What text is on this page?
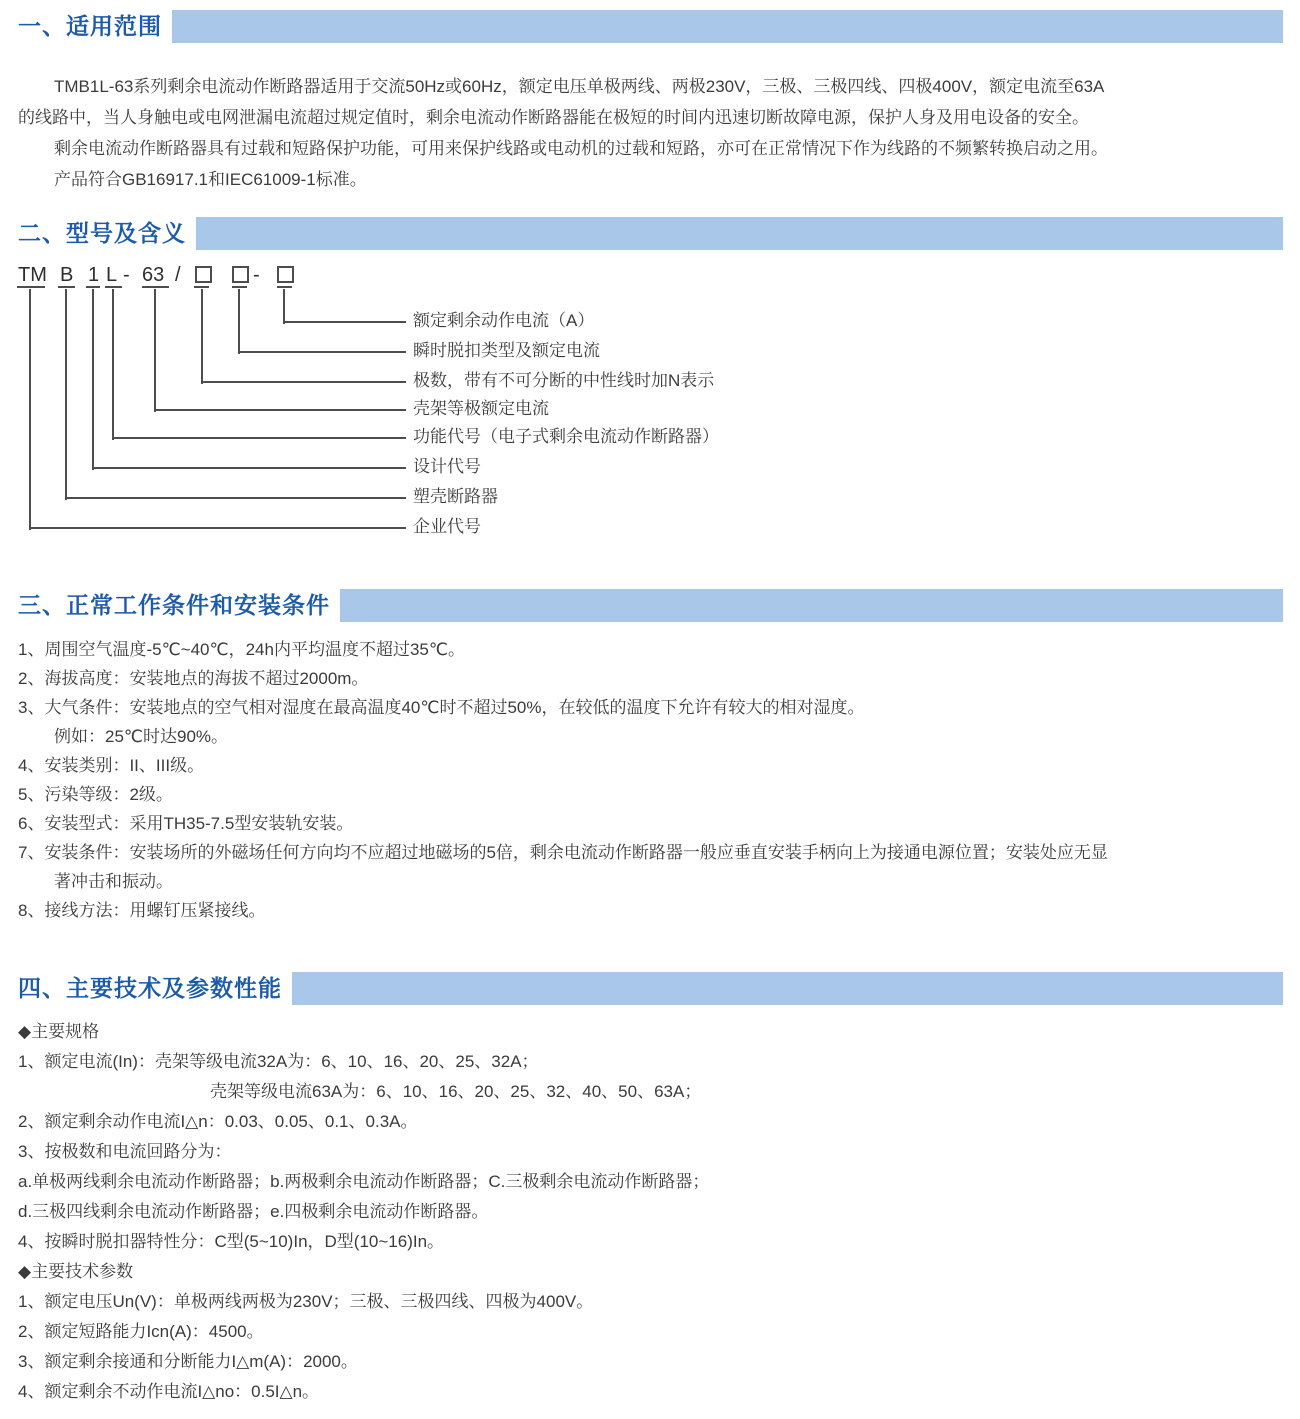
一、适用范围
TMB1L-63系列剩余电流动作断路器适用于交流50Hz或60Hz，额定电压单极两线、两极230V，三极、三极四线、四极400V，额定电流至63A
的线路中，当人身触电或电网泄漏电流超过规定值时，剩余电流动作断路器能在极短的时间内迅速切断故障电源，保护人身及用电设备的安全。
剩余电流动作断路器具有过载和短路保护功能，可用来保护线路或电动机的过载和短路，亦可在正常情况下作为线路的不频繁转换启动之用。
产品符合GB16917.1和IEC61009-1标准。
二、型号及含义
TM B 1 L - 63 /	-
额定剩余动作电流（A）
瞬时脱扣类型及额定电流
极数，带有不可分断的中性线时加N表示
壳架等极额定电流
功能代号（电子式剩余电流动作断路器）
设计代号
塑壳断路器
企业代号
三、正常工作条件和安装条件
1、周围空气温度-5℃~40℃，24h内平均温度不超过35℃。
2、海拔高度：安装地点的海拔不超过2000m。
3、大气条件：安装地点的空气相对湿度在最高温度40℃时不超过50%，在较低的温度下允许有较大的相对湿度。
例如：25℃时达90%。
4、安装类别：II、III级。
5、污染等级：2级。
6、安装型式：采用TH35-7.5型安装轨安装。
7、安装条件：安装场所的外磁场任何方向均不应超过地磁场的5倍，剩余电流动作断路器一般应垂直安装手柄向上为接通电源位置；安装处应无显
著冲击和振动。
8、接线方法：用螺钉压紧接线。
四、主要技术及参数性能
◆主要规格
1、额定电流(In)：壳架等级电流32A为：6、10、16、20、25、32A；
壳架等级电流63A为：6、10、16、20、25、32、40、50、63A；
2、额定剩余动作电流I△n：0.03、0.05、0.1、0.3A。
3、按极数和电流回路分为：
a.单极两线剩余电流动作断路器；b.两极剩余电流动作断路器；C.三极剩余电流动作断路器；
d.三极四线剩余电流动作断路器；e.四极剩余电流动作断路器。
4、按瞬时脱扣器特性分：C型(5~10)In，D型(10~16)In。
◆主要技术参数
1、额定电压Un(V)：单极两线两极为230V；三极、三极四线、四极为400V。
2、额定短路能力Icn(A)：4500。
3、额定剩余接通和分断能力I△m(A)：2000。
4、额定剩余不动作电流I△no：0.5I△n。
